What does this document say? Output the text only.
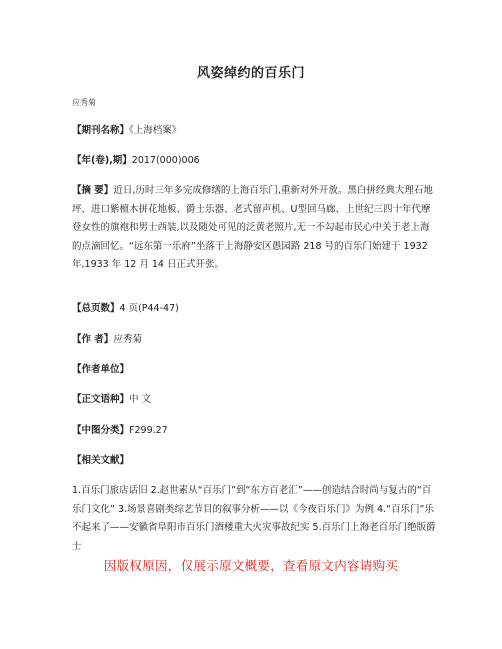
风姿绰约的百乐门
应秀菊
【期刊名称】《上海档案》
【年(卷),期】2017(000)006
【摘 要】近日,历时三年多完成修缮的上海百乐门,重新对外开放。黑白拼经典大理石地坪、进口紫檀木拼花地板、爵士乐器、老式留声机、U型回马廊、上世纪三四十年代摩登女性的旗袍和男士西装,以及随处可见的泛黄老照片,无一不勾起市民心中关于老上海的点滴回忆。“远东第一乐府”坐落于上海静安区愚园路 218 号的百乐门始建于 1932 年,1933 年 12 月 14 日正式开张。
【总页数】4 页(P44-47)
【作 者】应秀菊
【作者单位】
【正文语种】中 文
【中图分类】F299.27
【相关文献】
1.百乐门旅店话旧 2.赵世素从“百乐门”到“东方百老汇”——创造结合时尚与复古的“百乐门文化” 3.场景喜剧类综艺节目的叙事分析——以《今夜百乐门》为例 4.“百乐门”乐不起来了——安徽省阜阳市百乐门酒楼重大火灾事故纪实 5.百乐门上海老百乐门绝版爵士
因版权原因，仅展示原文概要，查看原文内容请购买
